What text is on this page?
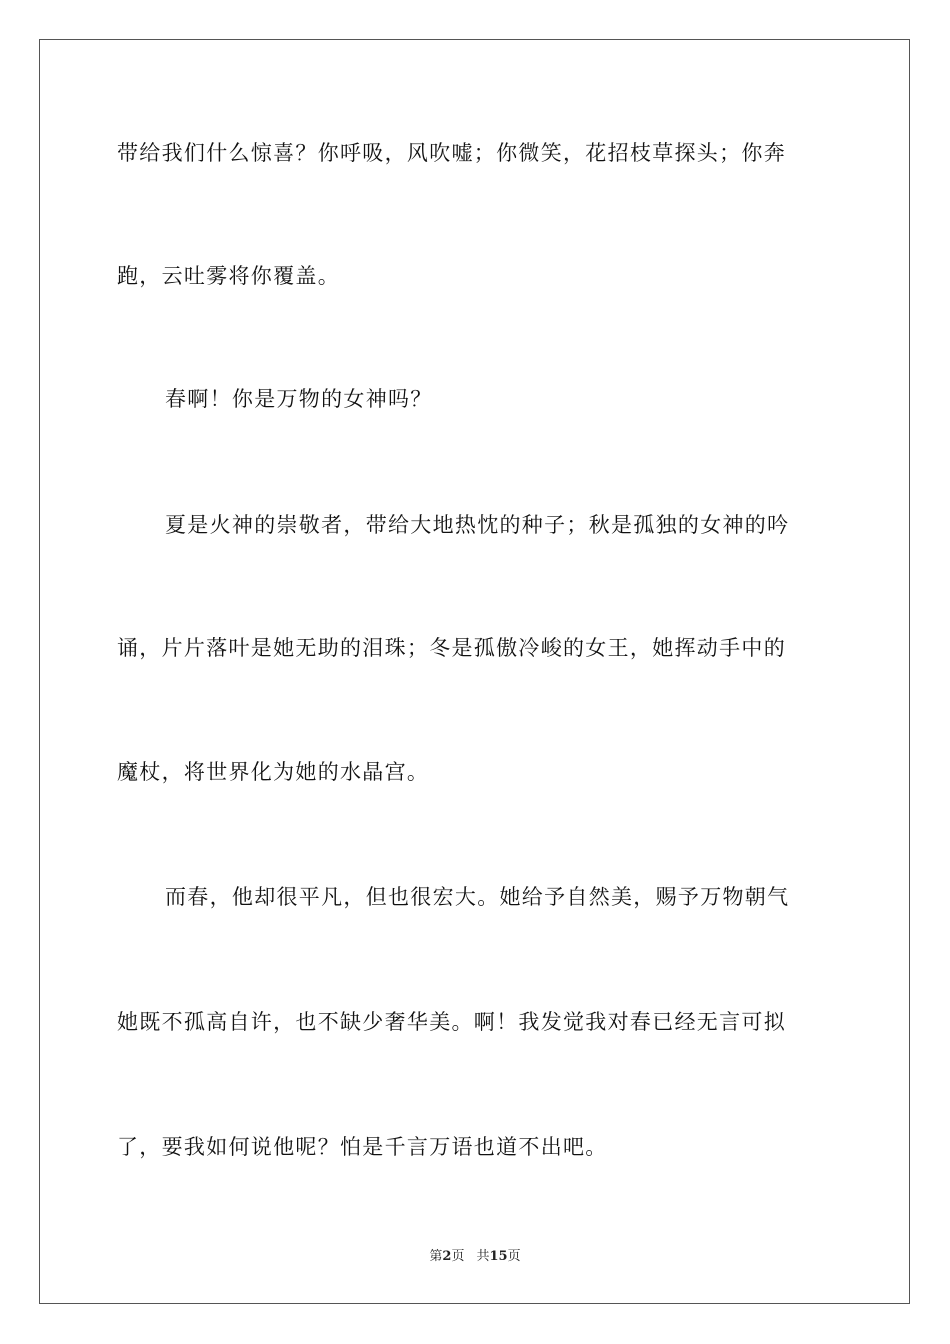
带给我们什么惊喜？你呼吸，风吹嘘；你微笑，花招枝草探头；你奔
跑，云吐雾将你覆盖。
春啊！你是万物的女神吗？
夏是火神的崇敬者，带给大地热忱的种子；秋是孤独的女神的吟
诵，片片落叶是她无助的泪珠；冬是孤傲冷峻的女王，她挥动手中的
魔杖，将世界化为她的水晶宫。
而春，他却很平凡，但也很宏大。她给予自然美，赐予万物朝气
她既不孤高自许，也不缺少奢华美。啊！我发觉我对春已经无言可拟
了，要我如何说他呢？怕是千言万语也道不出吧。
第2页 共15页
